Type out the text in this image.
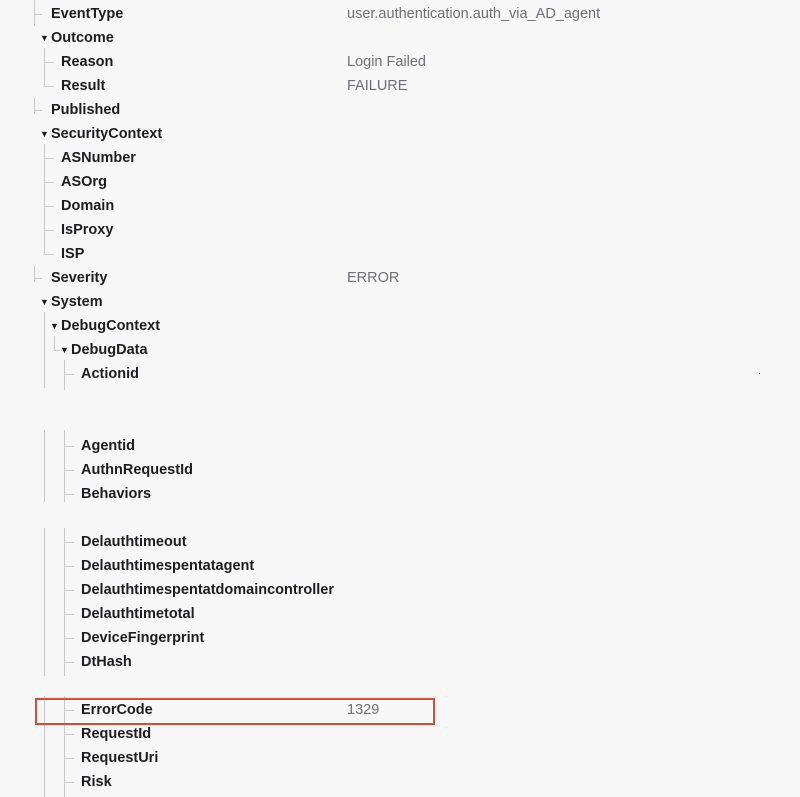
EventType	user.authentication.auth_via_AD_agent
▼ Outcome
Reason	Login Failed
Result	FAILURE
Published
▼ SecurityContext
ASNumber
ASOrg
Domain
IsProxy
ISP
Severity	ERROR
▼ System
▼ DebugContext
▼ DebugData
Actionid
Agentid
AuthnRequestId
Behaviors
Delauthtimeout
Delauthtimespentatagent
Delauthtimespentatdomaincontroller
Delauthtimetotal
DeviceFingerprint
DtHash
ErrorCode	1329
RequestId
RequestUri
Risk
